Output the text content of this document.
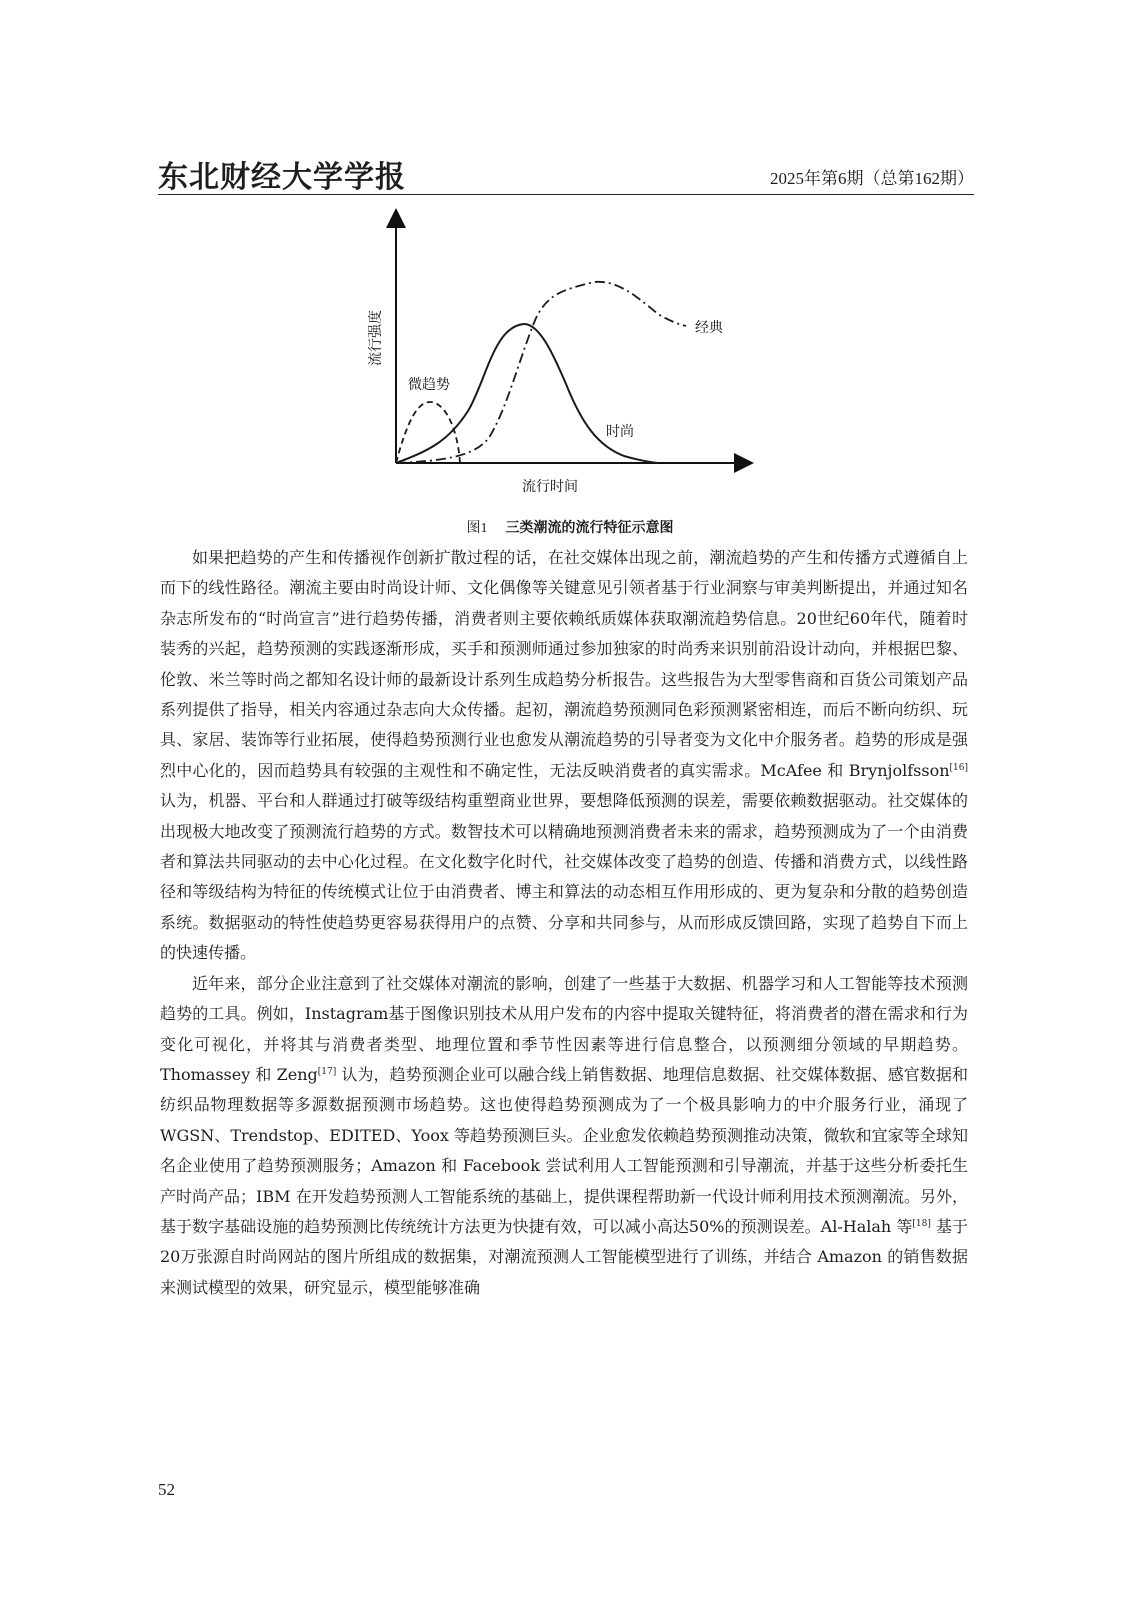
东北财经大学学报	2025年第6期（总第162期）
流行强度
微趋势
时尚
经典
流行时间
图1 三类潮流的流行特征示意图

如果把趋势的产生和传播视作创新扩散过程的话，在社交媒体出现之前，潮流趋势的产生和传播方式遵循自上而下的线性路径。潮流主要由时尚设计师、文化偶像等关键意见引领者基于行业洞察与审美判断提出，并通过知名杂志所发布的“时尚宣言”进行趋势传播，消费者则主要依赖纸质媒体获取潮流趋势信息。20世纪60年代，随着时装秀的兴起，趋势预测的实践逐渐形成，买手和预测师通过参加独家的时尚秀来识别前沿设计动向，并根据巴黎、伦敦、米兰等时尚之都知名设计师的最新设计系列生成趋势分析报告。这些报告为大型零售商和百货公司策划产品系列提供了指导，相关内容通过杂志向大众传播。起初，潮流趋势预测同色彩预测紧密相连，而后不断向纺织、玩具、家居、装饰等行业拓展，使得趋势预测行业也愈发从潮流趋势的引导者变为文化中介服务者。趋势的形成是强烈中心化的，因而趋势具有较强的主观性和不确定性，无法反映消费者的真实需求。McAfee 和 Brynjolfsson[16] 认为，机器、平台和人群通过打破等级结构重塑商业世界，要想降低预测的误差，需要依赖数据驱动。社交媒体的出现极大地改变了预测流行趋势的方式。数智技术可以精确地预测消费者未来的需求，趋势预测成为了一个由消费者和算法共同驱动的去中心化过程。在文化数字化时代，社交媒体改变了趋势的创造、传播和消费方式，以线性路径和等级结构为特征的传统模式让位于由消费者、博主和算法的动态相互作用形成的、更为复杂和分散的趋势创造系统。数据驱动的特性使趋势更容易获得用户的点赞、分享和共同参与，从而形成反馈回路，实现了趋势自下而上的快速传播。

近年来，部分企业注意到了社交媒体对潮流的影响，创建了一些基于大数据、机器学习和人工智能等技术预测趋势的工具。例如，Instagram基于图像识别技术从用户发布的内容中提取关键特征，将消费者的潜在需求和行为变化可视化，并将其与消费者类型、地理位置和季节性因素等进行信息整合，以预测细分领域的早期趋势。Thomassey 和 Zeng[17] 认为，趋势预测企业可以融合线上销售数据、地理信息数据、社交媒体数据、感官数据和纺织品物理数据等多源数据预测市场趋势。这也使得趋势预测成为了一个极具影响力的中介服务行业，涌现了 WGSN、Trendstop、EDITED、Yoox 等趋势预测巨头。企业愈发依赖趋势预测推动决策，微软和宜家等全球知名企业使用了趋势预测服务；Amazon 和 Facebook 尝试利用人工智能预测和引导潮流，并基于这些分析委托生产时尚产品；IBM 在开发趋势预测人工智能系统的基础上，提供课程帮助新一代设计师利用技术预测潮流。另外，基于数字基础设施的趋势预测比传统统计方法更为快捷有效，可以减小高达50%的预测误差。Al-Halah 等[18] 基于20万张源自时尚网站的图片所组成的数据集，对潮流预测人工智能模型进行了训练，并结合 Amazon 的销售数据来测试模型的效果，研究显示，模型能够准确

52
